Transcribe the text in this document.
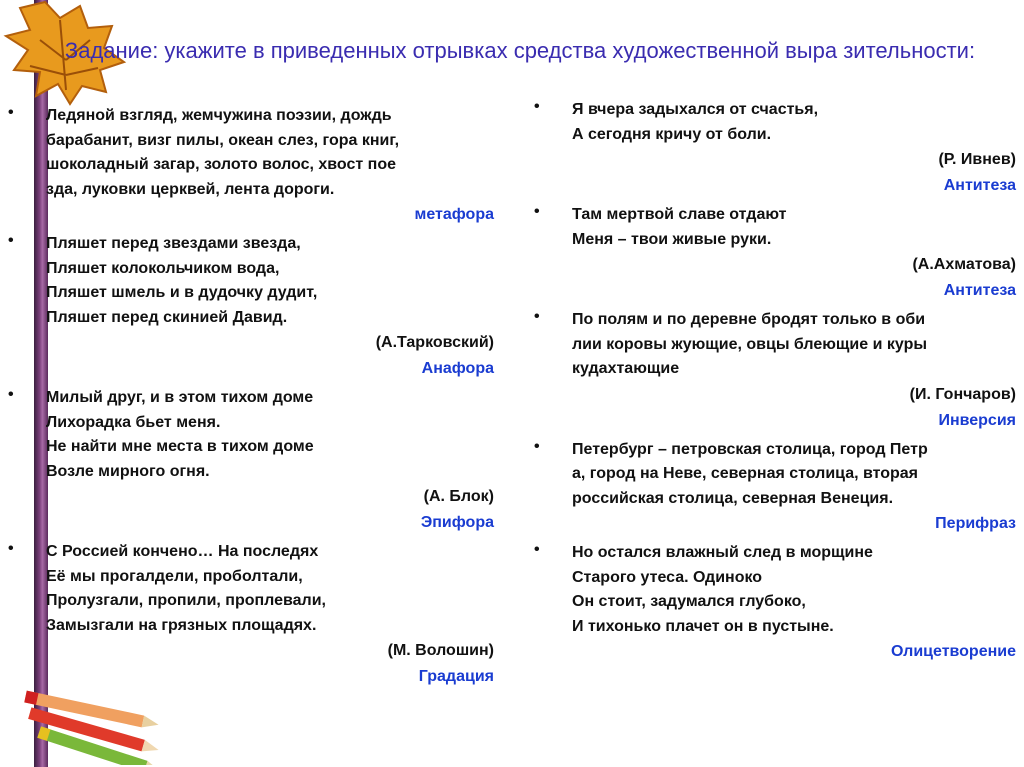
Задание: укажите в приведенных отрывках средства художественной выра зительности:
•	Ледяной взгляд, жемчужина поэзии, дождь
барабанит, визг пилы, океан слез, гора книг,
шоколадный загар, золото волос, хвост пое
зда, луковки церквей, лента дороги.
метафора
•	Пляшет перед звездами звезда,
Пляшет колокольчиком вода,
Пляшет шмель и в дудочку дудит,
Пляшет перед скинией Давид.
(А.Тарковский)
Анафора
•	Милый друг, и в этом тихом доме
Лихорадка бьет меня.
Не найти мне места в тихом доме
Возле мирного огня.
(А. Блок)
Эпифора
•	С Россией кончено… На последях
Её мы прогалдели, проболтали,
Пролузгали, пропили, проплевали,
Замызгали на грязных площадях.
(М. Волошин)
Градация
•	Я вчера задыхался от счастья,
А сегодня кричу от боли.
(Р. Ивнев)
Антитеза
•	Там мертвой славе отдают
Меня – твои живые руки.
(А.Ахматова)
Антитеза
•	По полям и по деревне бродят только в оби
лии коровы жующие, овцы блеющие и куры
кудахтающие
(И. Гончаров)
Инверсия
•	Петербург – петровская столица, город Петр
а, город на Неве, северная столица, вторая
российская столица, северная Венеция.
Перифраз
•	Но остался влажный след в морщине
Старого утеса. Одиноко
Он стоит, задумался глубоко,
И тихонько плачет он в пустыне.
Олицетворение
